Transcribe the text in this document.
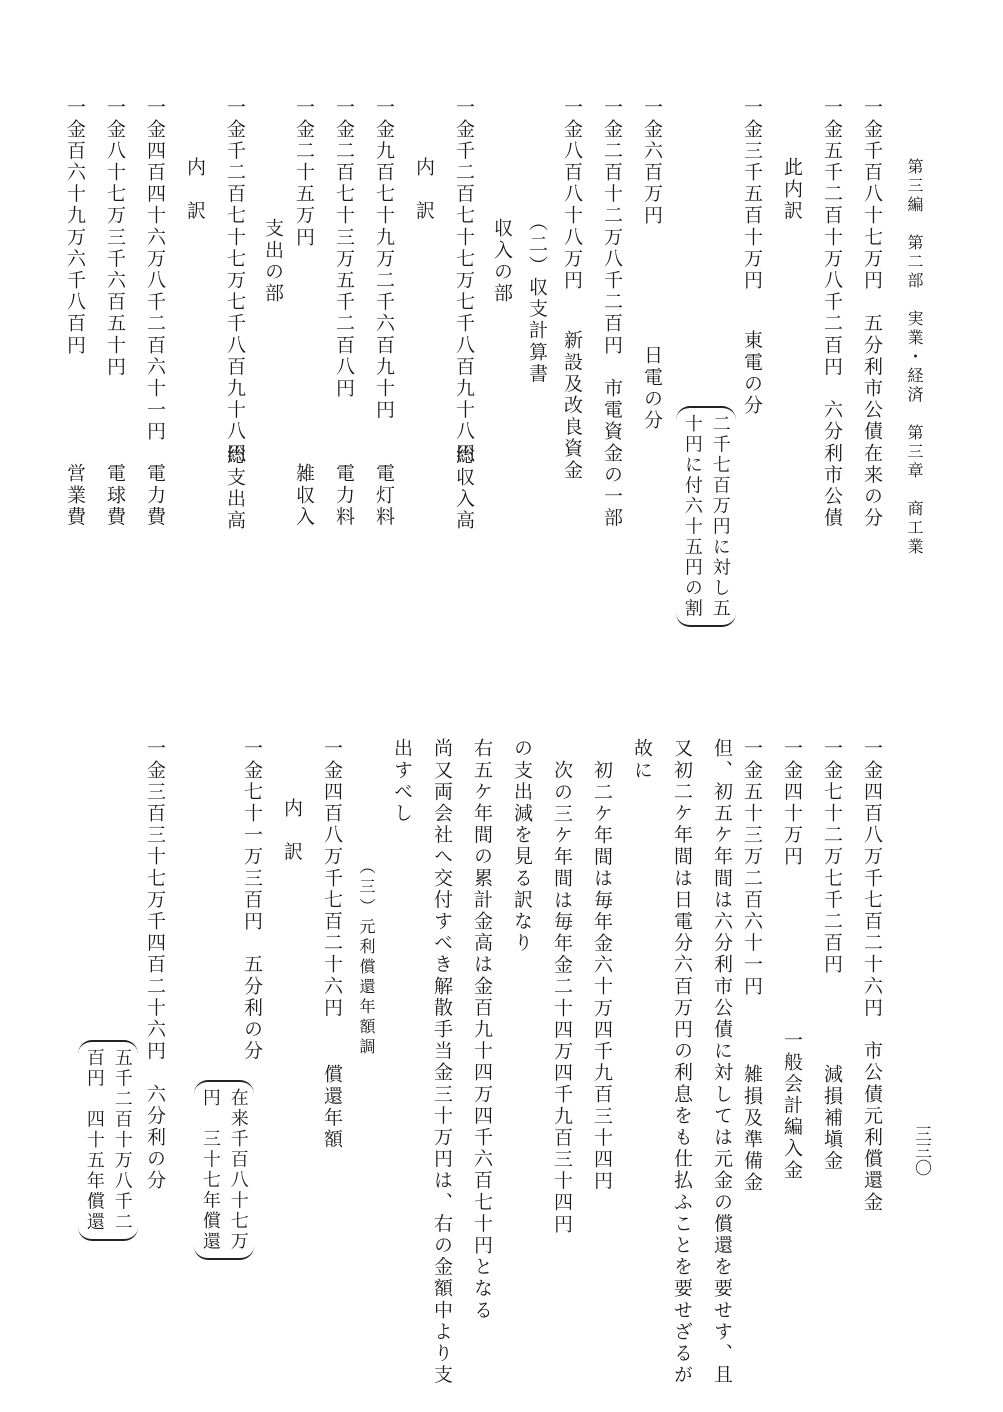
第三編　第二部　実業・経済　第三章　商工業
三三〇
一金千百八十七万円　五分利市公債在来の分
一金五千二百十万八千二百円　六分利市公債
此内訳
一金三千五百十万円
東電の分
二千七百万円に対し五
十円に付六十五円の割
一金六百万円
日電の分
一金二百十二万八千二百円　市電資金の一部
一金八百八十八万円
新設及改良資金
（二）収支計算書
収入の部
一金千二百七十七万七千八百九十八円
総収入高
内　訳
一金九百七十九万二千六百九十円
電灯料
一金二百七十三万五千二百八円
電力料
一金二十五万円
雑収入
支出の部
一金千二百七十七万七千八百九十八円
総支出高
内　訳
一金四百四十六万八千二百六十一円
電力費
一金八十七万三千六百五十円
電球費
一金百六十九万六千八百円
営業費
一金四百八万千七百二十六円　市公債元利償還金
減損補塡金
一金七十二万七千二百円
一金四十万円
一般会計編入金
一金五十三万二百六十一円
雑損及準備金
但、初五ケ年間は六分利市公債に対しては元金の償還を要せす、且
又初二ケ年間は日電分六百万円の利息をも仕払ふことを要せざるが
故に
初二ケ年間は毎年金六十万四千九百三十四円
次の三ケ年間は毎年金二十四万四千九百三十四円
の支出減を見る訳なり
右五ケ年間の累計金高は金百九十四万四千六百七十円となる
尚又両会社へ交付すべき解散手当金三十万円は、右の金額中より支
出すべし
（三）元利償還年額調
一金四百八万千七百二十六円
償還年額
内　訳
一金七十一万三百円　五分利の分
在来千百八十七万
円　三十七年償還
一金三百三十七万千四百二十六円　六分利の分
五千二百十万八千二
百円　四十五年償還
